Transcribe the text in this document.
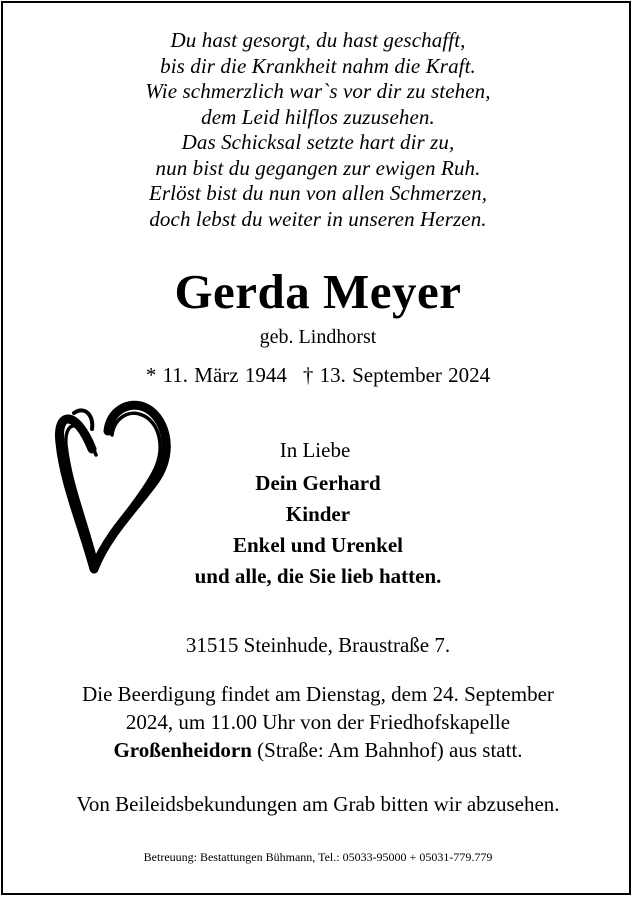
Du hast gesorgt, du hast geschafft,
bis dir die Krankheit nahm die Kraft.
Wie schmerzlich war`s vor dir zu stehen,
dem Leid hilflos zuzusehen.
Das Schicksal setzte hart dir zu,
nun bist du gegangen zur ewigen Ruh.
Erlöst bist du nun von allen Schmerzen,
doch lebst du weiter in unseren Herzen.
Gerda Meyer
geb. Lindhorst
* 11. März 1944 † 13. September 2024
In Liebe
Dein Gerhard
Kinder
Enkel und Urenkel
und alle, die Sie lieb hatten.
31515 Steinhude, Braustraße 7.
Die Beerdigung findet am Dienstag, dem 24. September
2024, um 11.00 Uhr von der Friedhofskapelle
Großenheidorn (Straße: Am Bahnhof) aus statt.
Von Beileidsbekundungen am Grab bitten wir abzusehen.
Betreuung: Bestattungen Bühmann, Tel.: 05033-95000 + 05031-779.779
